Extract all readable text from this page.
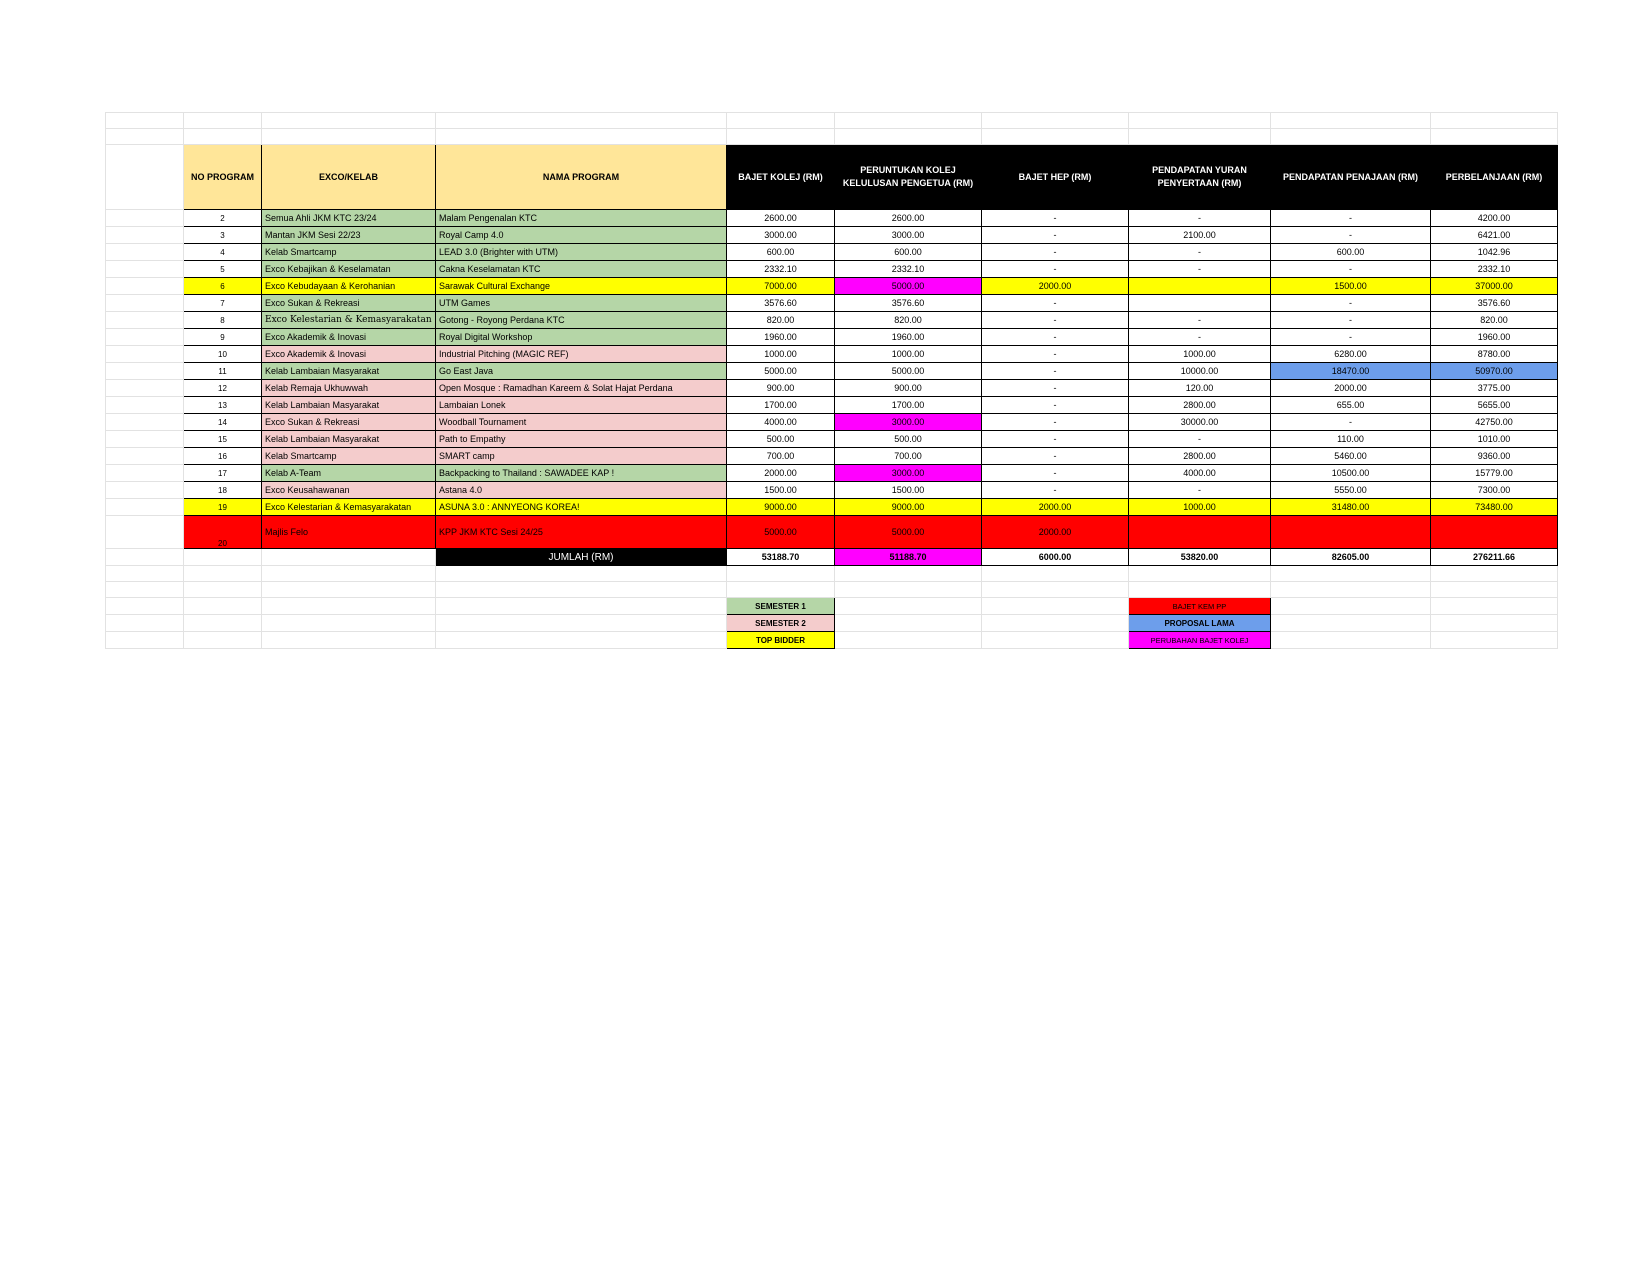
	NO PROGRAM	EXCO/KELAB	NAMA PROGRAM	BAJET KOLEJ (RM)	PERUNTUKAN KOLEJ KELULUSAN PENGETUA (RM)	BAJET HEP (RM)	PENDAPATAN YURAN PENYERTAAN (RM)	PENDAPATAN PENAJAAN (RM)	PERBELANJAAN (RM)
	2	Semua Ahli JKM KTC 23/24	Malam Pengenalan KTC	2600.00	2600.00	-	-	-	4200.00
	3	Mantan JKM Sesi 22/23	Royal Camp 4.0	3000.00	3000.00	-	2100.00	-	6421.00
	4	Kelab Smartcamp	LEAD 3.0 (Brighter with UTM)	600.00	600.00	-	-	600.00	1042.96
	5	Exco Kebajikan & Keselamatan	Cakna Keselamatan KTC	2332.10	2332.10	-	-	-	2332.10
	6	Exco Kebudayaan & Kerohanian	Sarawak Cultural Exchange	7000.00	5000.00	2000.00		1500.00	37000.00
	7	Exco Sukan & Rekreasi	UTM Games	3576.60	3576.60	-		-	3576.60
	8	Exco Kelestarian & Kemasyarakatan	Gotong - Royong Perdana KTC	820.00	820.00	-	-	-	820.00
	9	Exco Akademik & Inovasi	Royal Digital Workshop	1960.00	1960.00	-	-	-	1960.00
	10	Exco Akademik & Inovasi	Industrial Pitching (MAGIC REF)	1000.00	1000.00	-	1000.00	6280.00	8780.00
	11	Kelab Lambaian Masyarakat	Go East Java	5000.00	5000.00	-	10000.00	18470.00	50970.00
	12	Kelab Remaja Ukhuwwah	Open Mosque : Ramadhan Kareem & Solat Hajat Perdana	900.00	900.00	-	120.00	2000.00	3775.00
	13	Kelab Lambaian Masyarakat	Lambaian Lonek	1700.00	1700.00	-	2800.00	655.00	5655.00
	14	Exco Sukan & Rekreasi	Woodball Tournament	4000.00	3000.00	-	30000.00	-	42750.00
	15	Kelab Lambaian Masyarakat	Path to Empathy	500.00	500.00	-	-	110.00	1010.00
	16	Kelab Smartcamp	SMART camp	700.00	700.00	-	2800.00	5460.00	9360.00
	17	Kelab A-Team	Backpacking to Thailand : SAWADEE KAP !	2000.00	3000.00	-	4000.00	10500.00	15779.00
	18	Exco Keusahawanan	Astana 4.0	1500.00	1500.00	-	-	5550.00	7300.00
	19	Exco Kelestarian & Kemasyarakatan	ASUNA 3.0 : ANNYEONG KOREA!	9000.00	9000.00	2000.00	1000.00	31480.00	73480.00
	20	Majlis Felo	KPP JKM KTC Sesi 24/25	5000.00	5000.00	2000.00			
			JUMLAH (RM)	53188.70	51188.70	6000.00	53820.00	82605.00	276211.66

				SEMESTER 1			BAJET KEM PP		
				SEMESTER 2			PROPOSAL LAMA		
				TOP BIDDER			PERUBAHAN BAJET KOLEJ		
